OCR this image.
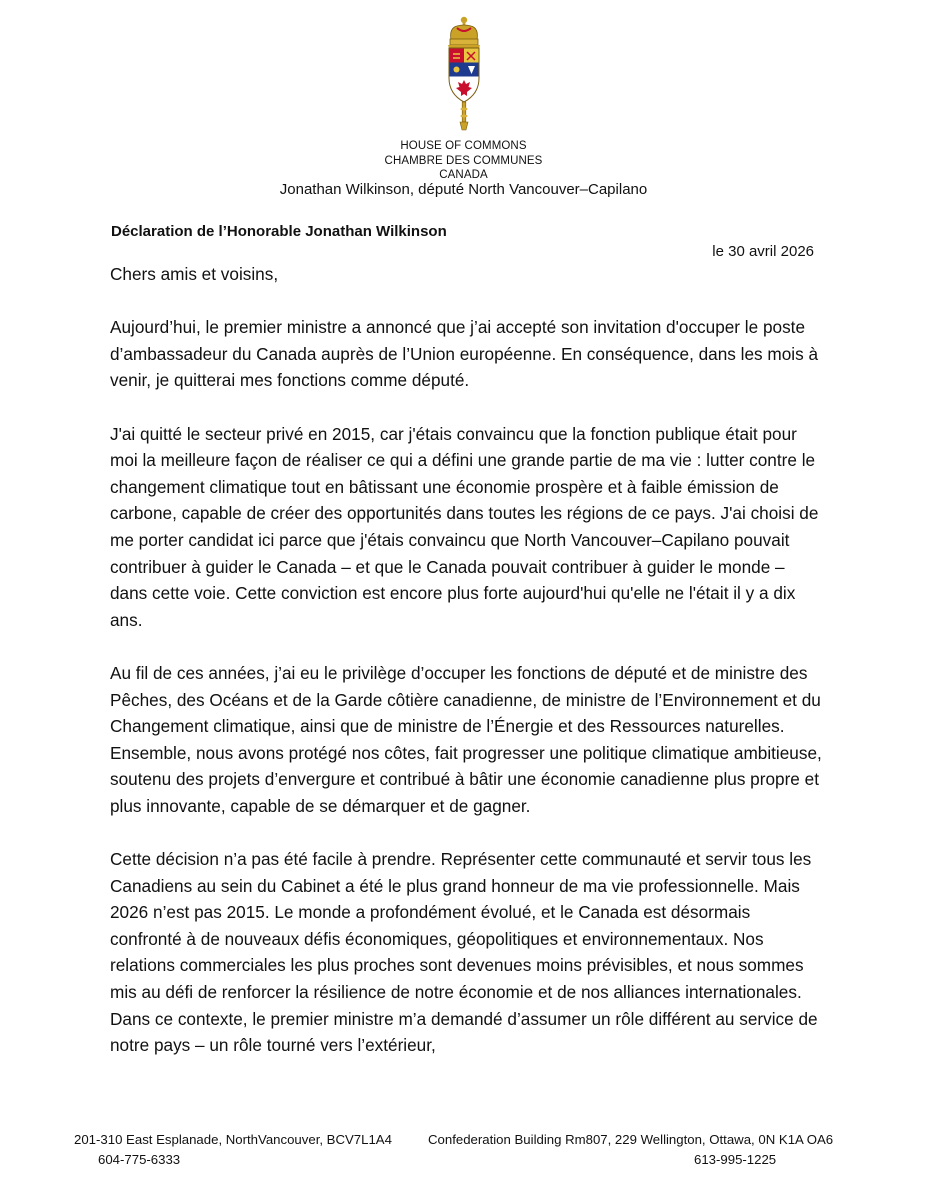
HOUSE OF COMMONS
CHAMBRE DES COMMUNES
CANADA
Jonathan Wilkinson, député North Vancouver–Capilano
Déclaration de l’Honorable Jonathan Wilkinson
le 30 avril 2026

Chers amis et voisins,

Aujourd’hui, le premier ministre a annoncé que j’ai accepté son invitation d'occuper le poste d’ambassadeur du Canada auprès de l’Union européenne. En conséquence, dans les mois à venir, je quitterai mes fonctions comme député.

J'ai quitté le secteur privé en 2015, car j'étais convaincu que la fonction publique était pour moi la meilleure façon de réaliser ce qui a défini une grande partie de ma vie : lutter contre le changement climatique tout en bâtissant une économie prospère et à faible émission de carbone, capable de créer des opportunités dans toutes les régions de ce pays. J'ai choisi de me porter candidat ici parce que j'étais convaincu que North Vancouver–Capilano pouvait contribuer à guider le Canada – et que le Canada pouvait contribuer à guider le monde – dans cette voie. Cette conviction est encore plus forte aujourd'hui qu'elle ne l'était il y a dix ans.

Au fil de ces années, j’ai eu le privilège d’occuper les fonctions de député et de ministre des Pêches, des Océans et de la Garde côtière canadienne, de ministre de l’Environnement et du Changement climatique, ainsi que de ministre de l’Énergie et des Ressources naturelles. Ensemble, nous avons protégé nos côtes, fait progresser une politique climatique ambitieuse, soutenu des projets d’envergure et contribué à bâtir une économie canadienne plus propre et plus innovante, capable de se démarquer et de gagner.

Cette décision n’a pas été facile à prendre. Représenter cette communauté et servir tous les Canadiens au sein du Cabinet a été le plus grand honneur de ma vie professionnelle. Mais 2026 n’est pas 2015. Le monde a profondément évolué, et le Canada est désormais confronté à de nouveaux défis économiques, géopolitiques et environnementaux. Nos relations commerciales les plus proches sont devenues moins prévisibles, et nous sommes mis au défi de renforcer la résilience de notre économie et de nos alliances internationales. Dans ce contexte, le premier ministre m’a demandé d’assumer un rôle différent au service de notre pays – un rôle tourné vers l’extérieur,

201-310 East Esplanade, NorthVancouver, BCV7L1A4
604-775-6333
Confederation Building Rm807, 229 Wellington, Ottawa, 0N K1A OA6
613-995-1225
